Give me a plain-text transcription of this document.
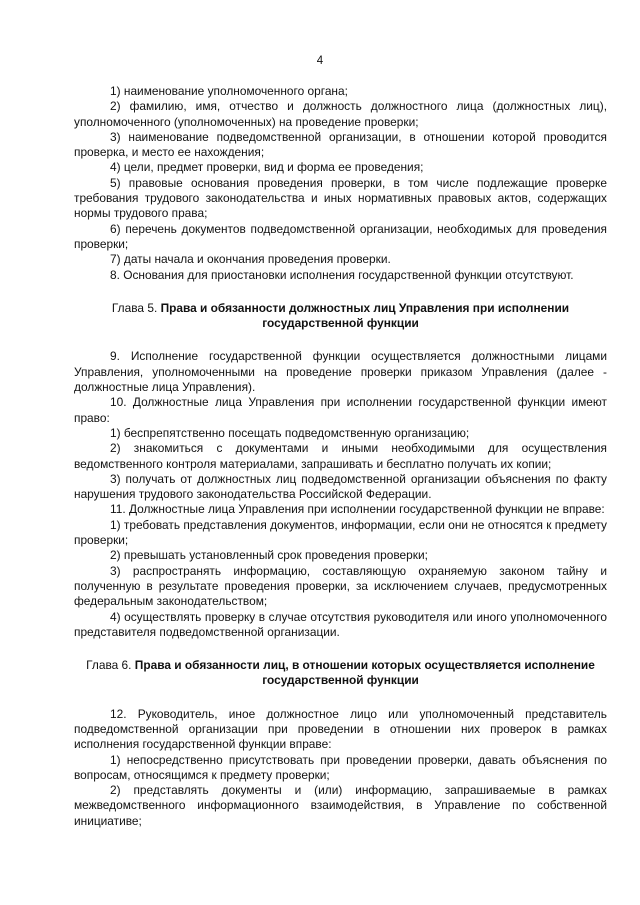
4

1) наименование уполномоченного органа;

2) фамилию, имя, отчество и должность должностного лица (должностных лиц), уполномоченного (уполномоченных) на проведение проверки;

3) наименование подведомственной организации, в отношении которой проводится проверка, и место ее нахождения;

4) цели, предмет проверки, вид и форма ее проведения;

5) правовые основания проведения проверки, в том числе подлежащие проверке требования трудового законодательства и иных нормативных правовых актов, содержащих нормы трудового права;

6) перечень документов подведомственной организации, необходимых для проведения проверки;

7) даты начала и окончания проведения проверки.

8. Основания для приостановки исполнения государственной функции отсутствуют.

Глава 5. Права и обязанности должностных лиц Управления при исполнении государственной функции

9. Исполнение государственной функции осуществляется должностными лицами Управления, уполномоченными на проведение проверки приказом Управления (далее - должностные лица Управления).

10. Должностные лица Управления при исполнении государственной функции имеют право:

1) беспрепятственно посещать подведомственную организацию;

2) знакомиться с документами и иными необходимыми для осуществления ведомственного контроля материалами, запрашивать и бесплатно получать их копии;

3) получать от должностных лиц подведомственной организации объяснения по факту нарушения трудового законодательства Российской Федерации.

11. Должностные лица Управления при исполнении государственной функции не вправе:

1) требовать представления документов, информации, если они не относятся к предмету проверки;

2) превышать установленный срок проведения проверки;

3) распространять информацию, составляющую охраняемую законом тайну и полученную в результате проведения проверки, за исключением случаев, предусмотренных федеральным законодательством;

4) осуществлять проверку в случае отсутствия руководителя или иного уполномоченного представителя подведомственной организации.

Глава 6. Права и обязанности лиц, в отношении которых осуществляется исполнение государственной функции

12. Руководитель, иное должностное лицо или уполномоченный представитель подведомственной организации при проведении в отношении них проверок в рамках исполнения государственной функции вправе:

1) непосредственно присутствовать при проведении проверки, давать объяснения по вопросам, относящимся к предмету проверки;

2) представлять документы и (или) информацию, запрашиваемые в рамках межведомственного информационного взаимодействия, в Управление по собственной инициативе;
